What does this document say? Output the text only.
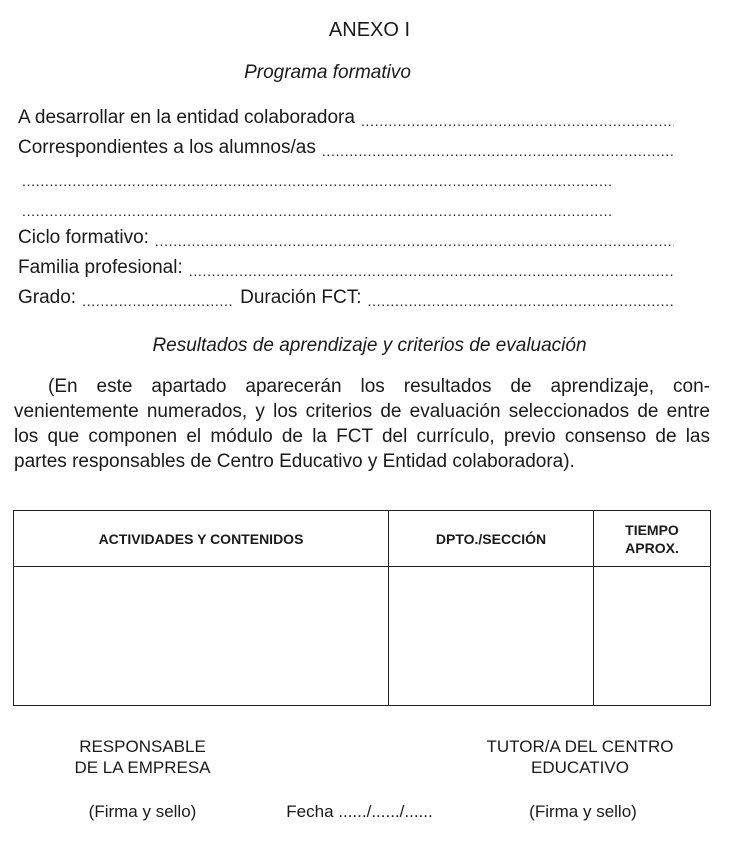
ANEXO I
Programa formativo
A desarrollar en la entidad colaboradora
. . .
Correspondientes a los alumnos/as
. . .
. . .
. . .
Ciclo formativo:
. . .
Familia profesional:
. . .
Grado: . . .	Duración FCT:
. . .
Resultados de aprendizaje y criterios de evaluación
(En este apartado aparecerán los resultados de aprendizaje, convenientemente numerados, y los criterios de evaluación seleccionados de entre los que componen el módulo de la FCT del currículo, previo consenso de las partes responsables de Centro Educativo y Entidad colaboradora).
ACTIVIDADES Y CONTENIDOS	DPTO./SECCIÓN	TIEMPO
APROX.

RESPONSABLE
DE LA EMPRESA
TUTOR/A DEL CENTRO
EDUCATIVO
(Firma y sello)	Fecha ....../....../......	(Firma y sello)
